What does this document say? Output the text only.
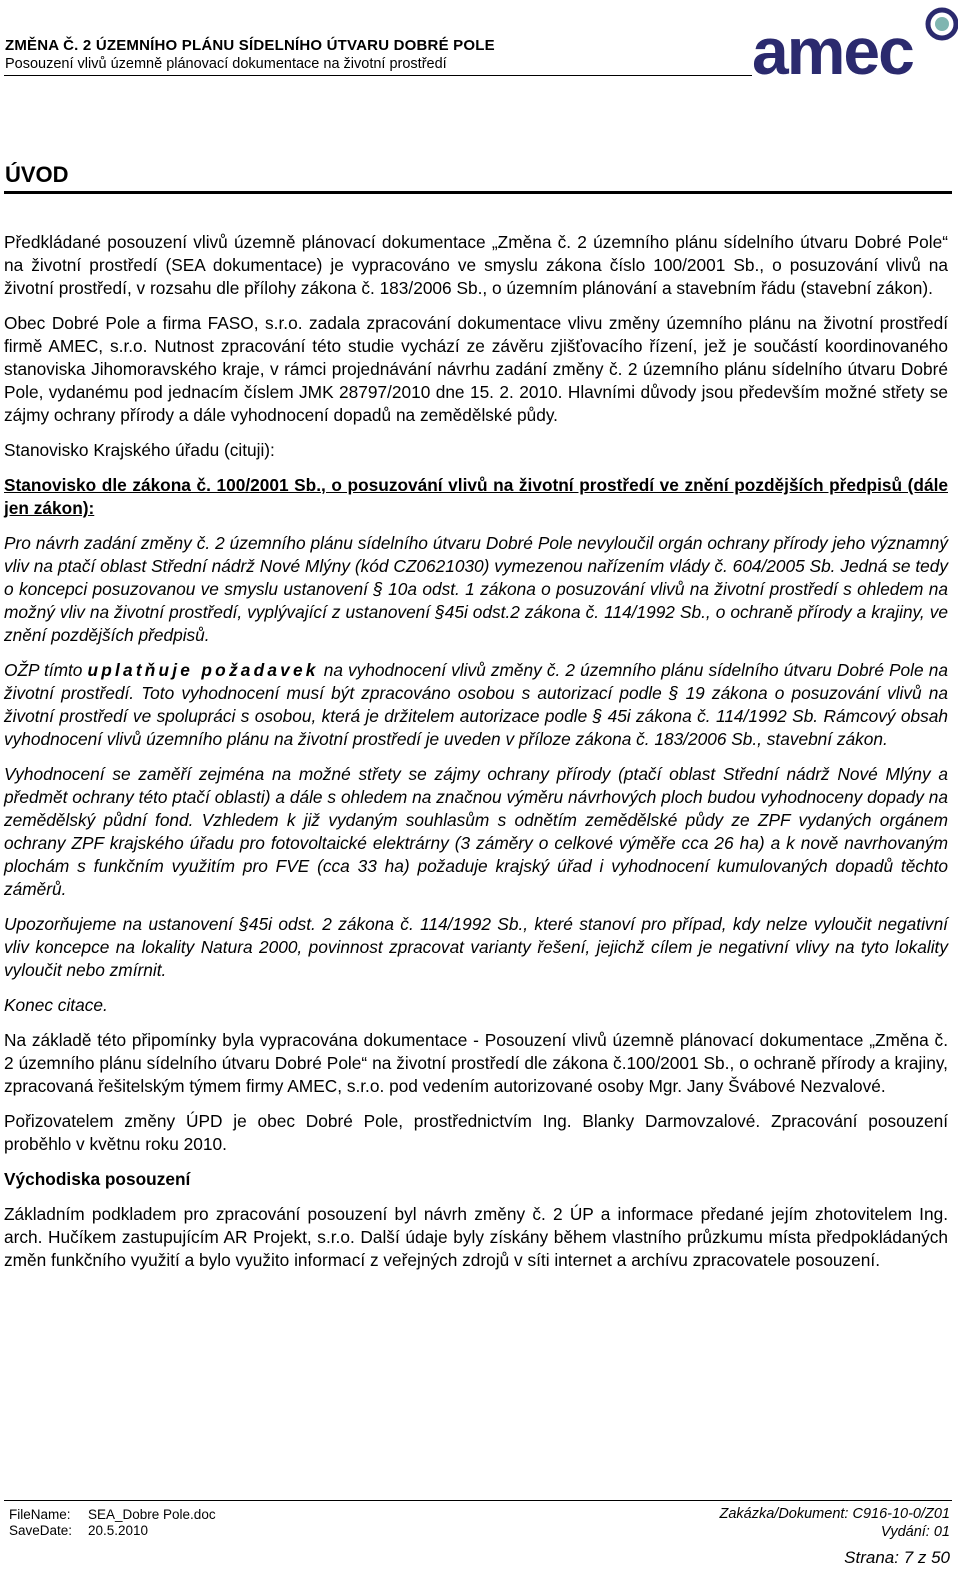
ZMĚNA Č. 2 ÚZEMNÍHO PLÁNU SÍDELNÍHO ÚTVARU DOBRÉ POLE
Posouzení vlivů územně plánovací dokumentace na životní prostředí	amec
ÚVOD

Předkládané posouzení vlivů územně plánovací dokumentace „Změna č. 2 územního plánu sídelního útvaru Dobré Pole“ na životní prostředí (SEA dokumentace) je vypracováno ve smyslu zákona číslo 100/2001 Sb., o posuzování vlivů na životní prostředí, v rozsahu dle přílohy zákona č. 183/2006 Sb., o územním plánování a stavebním řádu (stavební zákon).

Obec Dobré Pole a firma FASO, s.r.o. zadala zpracování dokumentace vlivu změny územního plánu na životní prostředí firmě AMEC, s.r.o. Nutnost zpracování této studie vychází ze závěru zjišťovacího řízení, jež je součástí koordinovaného stanoviska Jihomoravského kraje, v rámci projednávání návrhu zadání změny č. 2 územního plánu sídelního útvaru Dobré Pole, vydanému pod jednacím číslem JMK 28797/2010 dne 15. 2. 2010. Hlavními důvody jsou především možné střety se zájmy ochrany přírody a dále vyhodnocení dopadů na zemědělské půdy.

Stanovisko Krajského úřadu (cituji):

Stanovisko dle zákona č. 100/2001 Sb., o posuzování vlivů na životní prostředí ve znění pozdějších předpisů (dále jen zákon):

Pro návrh zadání změny č. 2 územního plánu sídelního útvaru Dobré Pole nevyloučil orgán ochrany přírody jeho významný vliv na ptačí oblast Střední nádrž Nové Mlýny (kód CZ0621030) vymezenou nařízením vlády č. 604/2005 Sb. Jedná se tedy o koncepci posuzovanou ve smyslu ustanovení § 10a odst. 1 zákona o posuzování vlivů na životní prostředí s ohledem na možný vliv na životní prostředí, vyplývající z ustanovení §45i odst.2 zákona č. 114/1992 Sb., o ochraně přírody a krajiny, ve znění pozdějších předpisů.

OŽP tímto uplatňuje požadavek na vyhodnocení vlivů změny č. 2 územního plánu sídelního útvaru Dobré Pole na životní prostředí. Toto vyhodnocení musí být zpracováno osobou s autorizací podle § 19 zákona o posuzování vlivů na životní prostředí ve spolupráci s osobou, která je držitelem autorizace podle § 45i zákona č. 114/1992 Sb. Rámcový obsah vyhodnocení vlivů územního plánu na životní prostředí je uveden v příloze zákona č. 183/2006 Sb., stavební zákon.

Vyhodnocení se zaměří zejména na možné střety se zájmy ochrany přírody (ptačí oblast Střední nádrž Nové Mlýny a předmět ochrany této ptačí oblasti) a dále s ohledem na značnou výměru návrhových ploch budou vyhodnoceny dopady na zemědělský půdní fond. Vzhledem k již vydaným souhlasům s odnětím zemědělské půdy ze ZPF vydaných orgánem ochrany ZPF krajského úřadu pro fotovoltaické elektrárny (3 záměry o celkové výměře cca 26 ha) a k nově navrhovaným plochám s funkčním využitím pro FVE (cca 33 ha) požaduje krajský úřad i vyhodnocení kumulovaných dopadů těchto záměrů.

Upozorňujeme na ustanovení §45i odst. 2 zákona č. 114/1992 Sb., které stanoví pro případ, kdy nelze vyloučit negativní vliv koncepce na lokality Natura 2000, povinnost zpracovat varianty řešení, jejichž cílem je negativní vlivy na tyto lokality vyloučit nebo zmírnit.

Konec citace.

Na základě této připomínky byla vypracována dokumentace - Posouzení vlivů územně plánovací dokumentace „Změna č. 2 územního plánu sídelního útvaru Dobré Pole“ na životní prostředí dle zákona č.100/2001 Sb., o ochraně přírody a krajiny, zpracovaná řešitelským týmem firmy AMEC, s.r.o. pod vedením autorizované osoby Mgr. Jany Švábové Nezvalové.

Pořizovatelem změny ÚPD je obec Dobré Pole, prostřednictvím Ing. Blanky Darmovzalové. Zpracování posouzení proběhlo v květnu roku 2010.

Východiska posouzení

Základním podkladem pro zpracování posouzení byl návrh změny č. 2 ÚP a informace předané jejím zhotovitelem Ing. arch. Hučíkem zastupujícím AR Projekt, s.r.o. Další údaje byly získány během vlastního průzkumu místa předpokládaných změn funkčního využití a bylo využito informací z veřejných zdrojů v síti internet a archívu zpracovatele posouzení.

FileName: SEA_Dobre Pole.doc
SaveDate: 20.5.2010
Zakázka/Dokument: C916-10-0/Z01
Vydání: 01
Strana: 7 z 50
